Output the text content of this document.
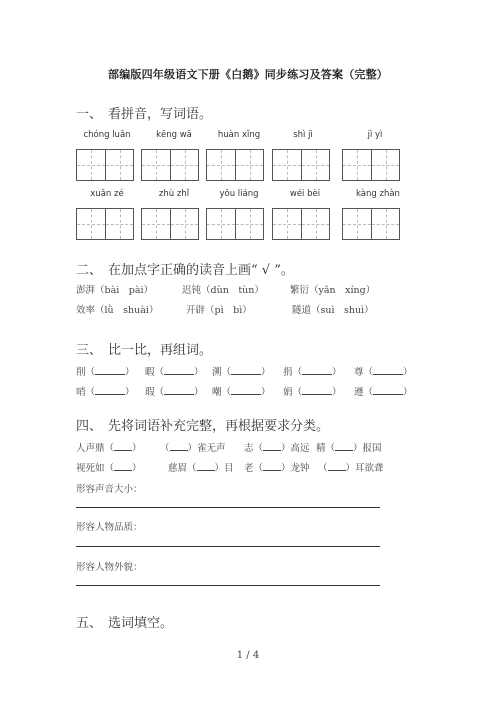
部编版四年级语文下册《白鹅》同步练习及答案（完整）
一、 看拼音，写词语。
chóng luǎn	kēng wā	huàn xǐng	shì jì	jì yì
xuǎn zé	zhù zhǐ	yǒu liáng	wéi bèi	kàng zhàn
二、 在加点字正确的读音上画“ √ ”。
澎湃（bài　pài）	迟钝（dùn　tùn）	繁衍（yǎn　xíng）
效率（lǜ　shuài）	开辟（pì　bì）	隧道（suì　shuì）
三、 比一比，再组词。
削（	） 暇（	） 溯（	） 捐（	） 尊（	）
哨（	） 瑕（	） 嘲（	） 娟（	） 遵（	）
四、 先将词语补充完整，再根据要求分类。
人声鼎（ ） （ ）雀无声 志（ ）高远 精（ ）报国
视死如（ ）	慈眉（ ）目 老（ ）龙钟 （ ）耳欲聋
形容声音大小：
形容人物品质：
形容人物外貌：
五、 选词填空。
1 / 4
